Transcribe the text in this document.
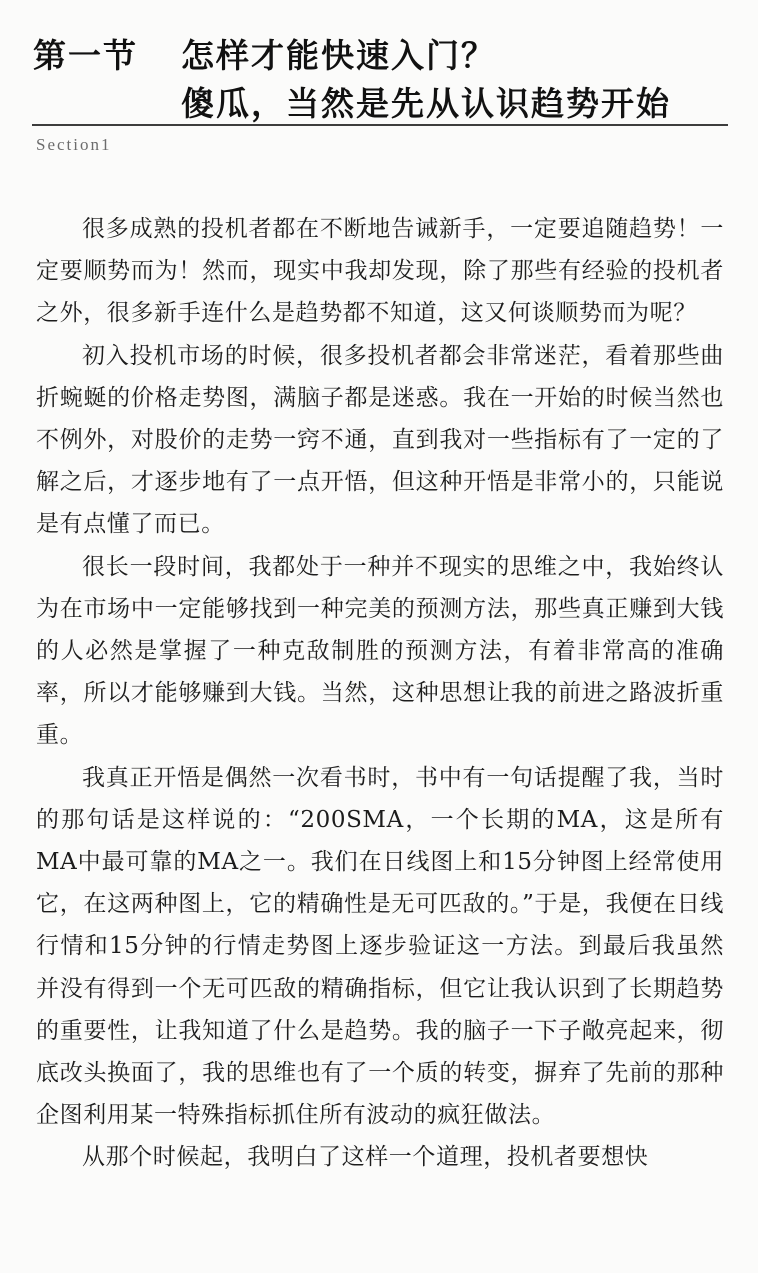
第一节 怎样才能快速入门？
傻瓜，当然是先从认识趋势开始
Section1

很多成熟的投机者都在不断地告诫新手，一定要追随趋势！一定要顺势而为！然而，现实中我却发现，除了那些有经验的投机者之外，很多新手连什么是趋势都不知道，这又何谈顺势而为呢？

初入投机市场的时候，很多投机者都会非常迷茫，看着那些曲折蜿蜒的价格走势图，满脑子都是迷惑。我在一开始的时候当然也不例外，对股价的走势一窍不通，直到我对一些指标有了一定的了解之后，才逐步地有了一点开悟，但这种开悟是非常小的，只能说是有点懂了而已。

很长一段时间，我都处于一种并不现实的思维之中，我始终认为在市场中一定能够找到一种完美的预测方法，那些真正赚到大钱的人必然是掌握了一种克敌制胜的预测方法，有着非常高的准确率，所以才能够赚到大钱。当然，这种思想让我的前进之路波折重重。

我真正开悟是偶然一次看书时，书中有一句话提醒了我，当时的那句话是这样说的：“200SMA，一个长期的MA，这是所有MA中最可靠的MA之一。我们在日线图上和15分钟图上经常使用它，在这两种图上，它的精确性是无可匹敌的。”于是，我便在日线行情和15分钟的行情走势图上逐步验证这一方法。到最后我虽然并没有得到一个无可匹敌的精确指标，但它让我认识到了长期趋势的重要性，让我知道了什么是趋势。我的脑子一下子敞亮起来，彻底改头换面了，我的思维也有了一个质的转变，摒弃了先前的那种企图利用某一特殊指标抓住所有波动的疯狂做法。

从那个时候起，我明白了这样一个道理，投机者要想快
